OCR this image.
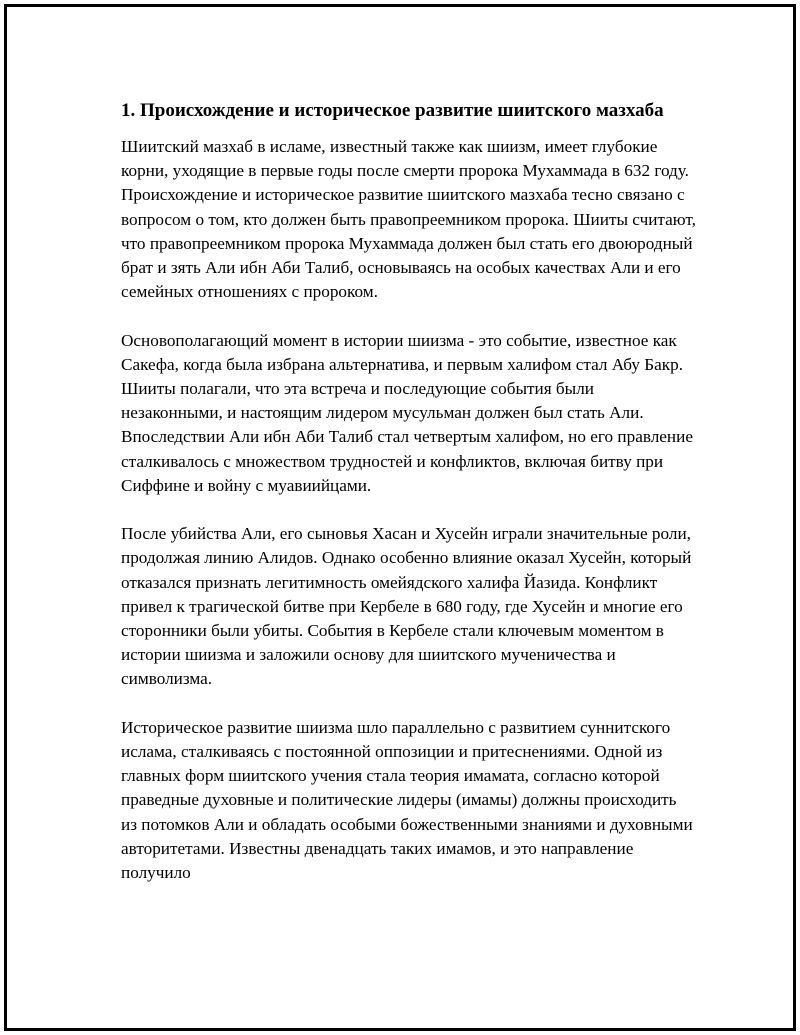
1. Происхождение и историческое развитие шиитского мазхаба

Шиитский мазхаб в исламе, известный также как шиизм, имеет глубокие корни, уходящие в первые годы после смерти пророка Мухаммада в 632 году. Происхождение и историческое развитие шиитского мазхаба тесно связано с вопросом о том, кто должен быть правопреемником пророка. Шииты считают, что правопреемником пророка Мухаммада должен был стать его двоюродный брат и зять Али ибн Аби Талиб, основываясь на особых качествах Али и его семейных отношениях с пророком.

Основополагающий момент в истории шиизма - это событие, известное как Сакефа, когда была избрана альтернатива, и первым халифом стал Абу Бакр. Шииты полагали, что эта встреча и последующие события были незаконными, и настоящим лидером мусульман должен был стать Али. Впоследствии Али ибн Аби Талиб стал четвертым халифом, но его правление сталкивалось с множеством трудностей и конфликтов, включая битву при Сиффине и войну с муавиийцами.

После убийства Али, его сыновья Хасан и Хусейн играли значительные роли, продолжая линию Алидов. Однако особенно влияние оказал Хусейн, который отказался признать легитимность омейядского халифа Йазида. Конфликт привел к трагической битве при Кербеле в 680 году, где Хусейн и многие его сторонники были убиты. События в Кербеле стали ключевым моментом в истории шиизма и заложили основу для шиитского мученичества и символизма.

Историческое развитие шиизма шло параллельно с развитием суннитского ислама, сталкиваясь с постоянной оппозиции и притеснениями. Одной из главных форм шиитского учения стала теория имамата, согласно которой праведные духовные и политические лидеры (имамы) должны происходить из потомков Али и обладать особыми божественными знаниями и духовными авторитетами. Известны двенадцать таких имамов, и это направление получило
